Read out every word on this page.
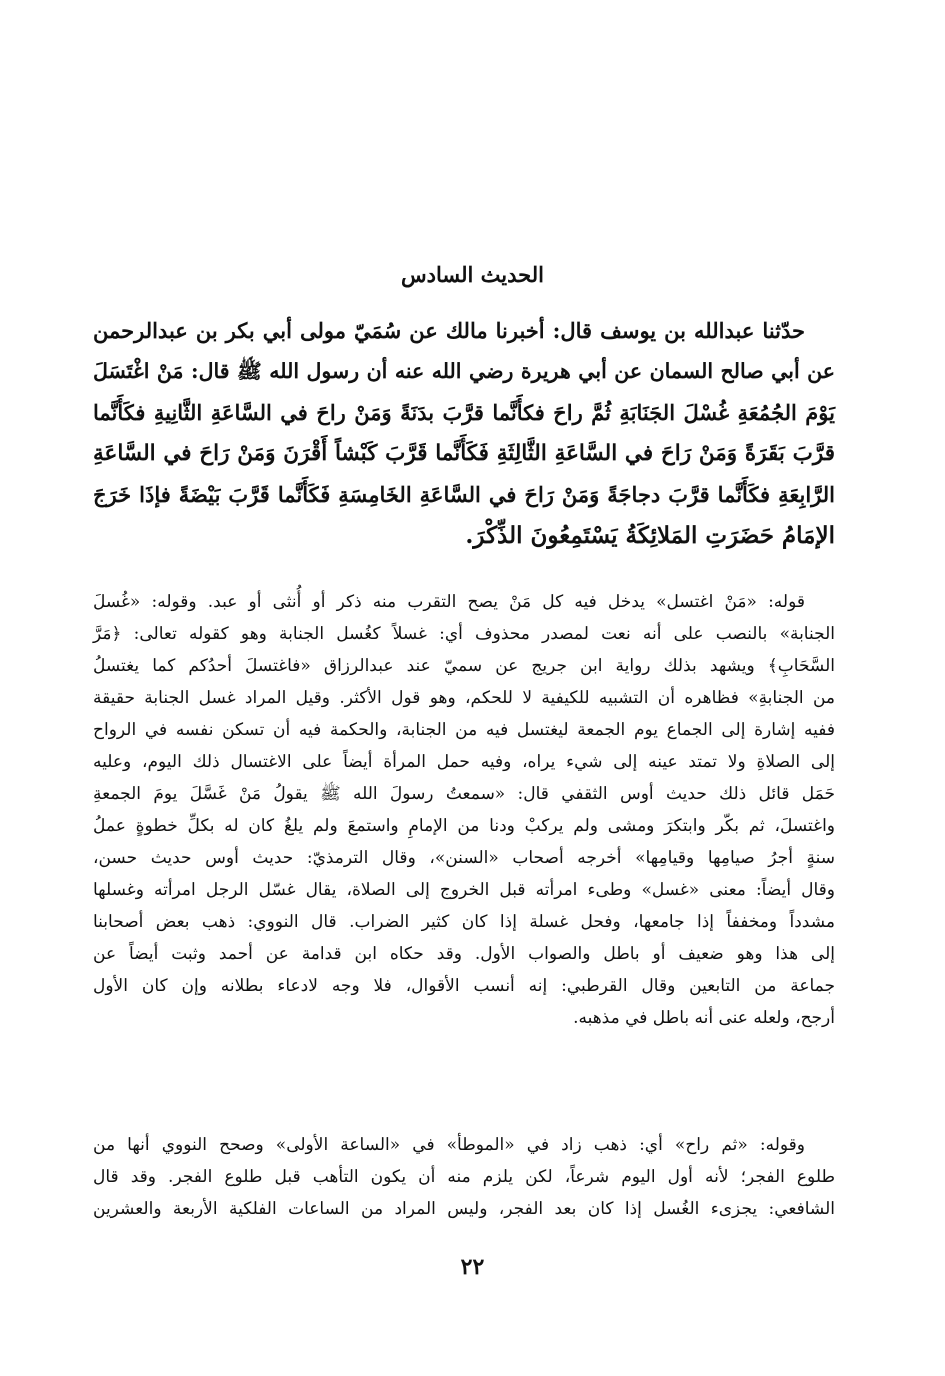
الحديث السادس
حدّثنا عبدالله بن يوسف قال: أخبرنا مالك عن سُمَيّ مولى أبي بكر بن عبدالرحمن
عن أبي صالح السمان عن أبي هريرة رضي الله عنه أن رسول الله ﷺ قال: مَنْ اغْتَسَلَ
يَوْمَ الجُمُعَةِ غُسْلَ الجَنَابَةِ ثُمَّ راحَ فكأَنَّما قرَّبَ بدَنَةً وَمَنْ راحَ في السَّاعَةِ الثَّانِيةِ فكَأَنَّما
قرَّبَ بَقَرَةً وَمَنْ رَاحَ في السَّاعَةِ الثَّالِثَةِ فَكَأَنَّما قَرَّبَ كَبْشاً أَقْرَنَ وَمَنْ رَاحَ في السَّاعَةِ
الرَّابِعَةِ فكَأَنَّما قرَّبَ دجاجَةً وَمَنْ رَاحَ في السَّاعَةِ الخَامِسَةِ فَكَأَنَّما قَرَّبَ بَيْضَةً فإذَا خَرَجَ
الإمَامُ حَضَرَتِ المَلائِكَةُ يَسْتَمِعُونَ الذِّكْرَ.
قوله: «مَنْ اغتسل» يدخل فيه كل مَنْ يصح التقرب منه ذكر أو أُنثى أو عبد. وقوله: «غُسلَ
الجنابة» بالنصب على أنه نعت لمصدر محذوف أي: غسلاً كغُسل الجنابة وهو كقوله تعالى: ﴿مَرَّ
السَّحَابِ﴾ ويشهد بذلك رواية ابن جريج عن سميّ عند عبدالرزاق «فاغتسلَ أحدُكم كما يغتسلُ
من الجنابةِ» فظاهره أن التشبيه للكيفية لا للحكم، وهو قول الأكثر. وقيل المراد غسل الجنابة حقيقة
ففيه إشارة إلى الجماع يوم الجمعة ليغتسل فيه من الجنابة، والحكمة فيه أن تسكن نفسه في الرواح
إلى الصلاةِ ولا تمتد عينه إلى شيء يراه، وفيه حمل المرأة أيضاً على الاغتسال ذلك اليوم، وعليه
حَمَل قائل ذلك حديث أوس الثقفي قال: «سمعتُ رسولَ الله ﷺ يقولُ مَنْ غَسَّلَ يومَ الجمعةِ
واغتسلَ، ثم بكّر وابتكرَ ومشى ولم يركبْ ودنا من الإمامِ واستمعَ ولم يلغُ كان له بكلِّ خطوةٍ عملُ
سنةٍ أجرُ صيامِها وقيامِها» أخرجه أصحاب «السنن»، وقال الترمذيّ: حديث أوس حديث حسن،
وقال أيضاً: معنى «غسل» وطىء امرأته قبل الخروج إلى الصلاة، يقال غسّل الرجل امرأته وغسلها
مشدداً ومخففاً إذا جامعها، وفحل غسلة إذا كان كثير الضراب. قال النووي: ذهب بعض أصحابنا
إلى هذا وهو ضعيف أو باطل والصواب الأول. وقد حكاه ابن قدامة عن أحمد وثبت أيضاً عن
جماعة من التابعين وقال القرطبي: إنه أنسب الأقوال، فلا وجه لادعاء بطلانه وإن كان الأول
أرجح، ولعله عنى أنه باطل في مذهبه.
وقوله: «ثم راح» أي: ذهب زاد في «الموطأ» في «الساعة الأولى» وصحح النووي أنها من
طلوع الفجر؛ لأنه أول اليوم شرعاً، لكن يلزم منه أن يكون التأهب قبل طلوع الفجر. وقد قال
الشافعي: يجزىء الغُسل إذا كان بعد الفجر، وليس المراد من الساعات الفلكية الأربعة والعشرين
٢٢
